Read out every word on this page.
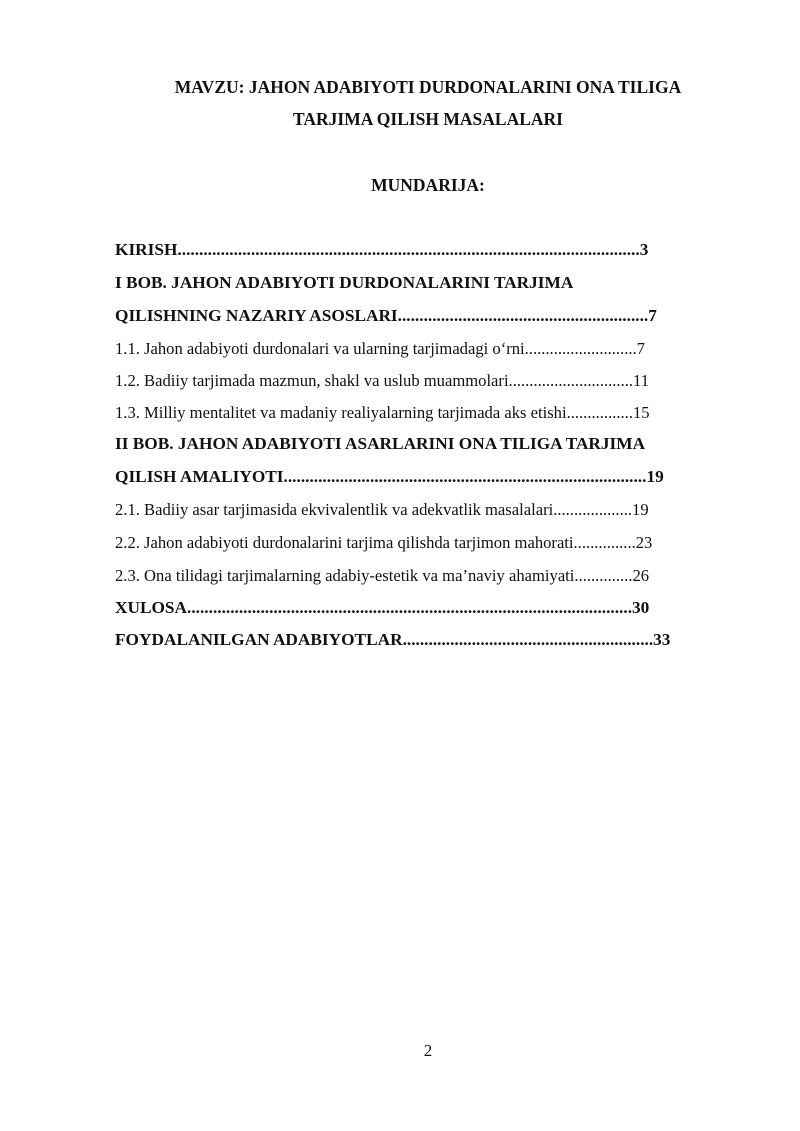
MAVZU: JAHON ADABIYOTI DURDONALARINI ONA TILIGA
TARJIMA QILISH MASALALARI
MUNDARIJA:
KIRISH...........................................................................................................3
I BOB. JAHON ADABIYOTI DURDONALARINI TARJIMA
QILISHNING NAZARIY ASOSLARI..........................................................7
1.1. Jahon adabiyoti durdonalari va ularning tarjimadagi o‘rni...........................7
1.2. Badiiy tarjimada mazmun, shakl va uslub muammolari..............................11
1.3. Milliy mentalitet va madaniy realiyalarning tarjimada aks etishi................15
II BOB. JAHON ADABIYOTI ASARLARINI ONA TILIGA TARJIMA
QILISH AMALIYOTI....................................................................................19
2.1. Badiiy asar tarjimasida ekvivalentlik va adekvatlik masalalari...................19
2.2. Jahon adabiyoti durdonalarini tarjima qilishda tarjimon mahorati...............23
2.3. Ona tilidagi tarjimalarning adabiy-estetik va ma’naviy ahamiyati..............26
XULOSA.......................................................................................................30
FOYDALANILGAN ADABIYOTLAR..........................................................33
2
